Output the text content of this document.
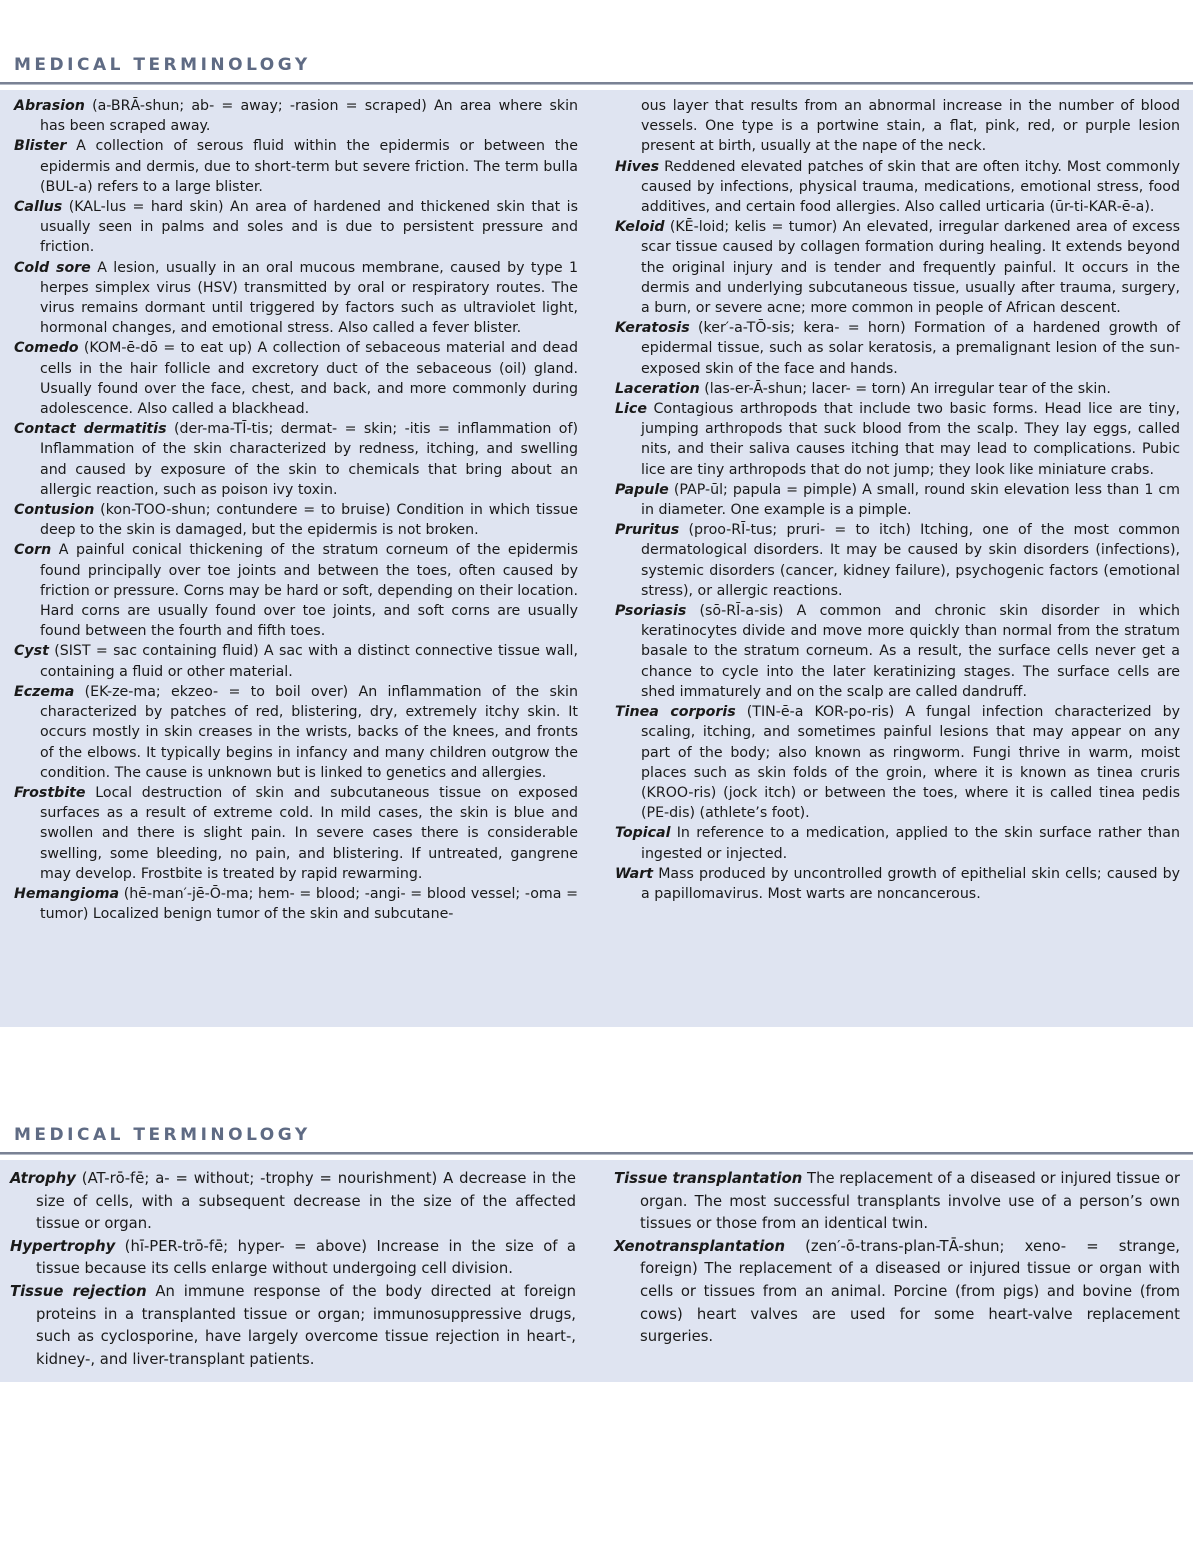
MEDICAL TERMINOLOGY

Abrasion (a-BRĀ-shun; ab- = away; -rasion = scraped) An area where skin has been scraped away.

Blister A collection of serous fluid within the epidermis or between the epidermis and dermis, due to short-term but severe friction. The term bulla (BUL-a) refers to a large blister.

Callus (KAL-lus = hard skin) An area of hardened and thickened skin that is usually seen in palms and soles and is due to persistent pressure and friction.

Cold sore A lesion, usually in an oral mucous membrane, caused by type 1 herpes simplex virus (HSV) transmitted by oral or respiratory routes. The virus remains dormant until triggered by factors such as ultraviolet light, hormonal changes, and emotional stress. Also called a fever blister.

Comedo (KOM-ē-dō = to eat up) A collection of sebaceous material and dead cells in the hair follicle and excretory duct of the sebaceous (oil) gland. Usually found over the face, chest, and back, and more commonly during adolescence. Also called a blackhead.

Contact dermatitis (der-ma-TĪ-tis; dermat- = skin; -itis = inflammation of) Inflammation of the skin characterized by redness, itching, and swelling and caused by exposure of the skin to chemicals that bring about an allergic reaction, such as poison ivy toxin.

Contusion (kon-TOO-shun; contundere = to bruise) Condition in which tissue deep to the skin is damaged, but the epidermis is not broken.

Corn A painful conical thickening of the stratum corneum of the epidermis found principally over toe joints and between the toes, often caused by friction or pressure. Corns may be hard or soft, depending on their location. Hard corns are usually found over toe joints, and soft corns are usually found between the fourth and fifth toes.

Cyst (SIST = sac containing fluid) A sac with a distinct connective tissue wall, containing a fluid or other material.

Eczema (EK-ze-ma; ekzeo- = to boil over) An inflammation of the skin characterized by patches of red, blistering, dry, extremely itchy skin. It occurs mostly in skin creases in the wrists, backs of the knees, and fronts of the elbows. It typically begins in infancy and many children outgrow the condition. The cause is unknown but is linked to genetics and allergies.

Frostbite Local destruction of skin and subcutaneous tissue on exposed surfaces as a result of extreme cold. In mild cases, the skin is blue and swollen and there is slight pain. In severe cases there is considerable swelling, some bleeding, no pain, and blistering. If untreated, gangrene may develop. Frostbite is treated by rapid rewarming.

Hemangioma (hē-man′-jē-Ō-ma; hem- = blood; -angi- = blood vessel; -oma = tumor) Localized benign tumor of the skin and subcutane-

ous layer that results from an abnormal increase in the number of blood vessels. One type is a portwine stain, a flat, pink, red, or purple lesion present at birth, usually at the nape of the neck.

Hives Reddened elevated patches of skin that are often itchy. Most commonly caused by infections, physical trauma, medications, emotional stress, food additives, and certain food allergies. Also called urticaria (ūr-ti-KAR-ē-a).

Keloid (KĒ-loid; kelis = tumor) An elevated, irregular darkened area of excess scar tissue caused by collagen formation during healing. It extends beyond the original injury and is tender and frequently painful. It occurs in the dermis and underlying subcutaneous tissue, usually after trauma, surgery, a burn, or severe acne; more common in people of African descent.

Keratosis (ker′-a-TŌ-sis; kera- = horn) Formation of a hardened growth of epidermal tissue, such as solar keratosis, a premalignant lesion of the sun-exposed skin of the face and hands.

Laceration (las-er-Ā-shun; lacer- = torn) An irregular tear of the skin.

Lice Contagious arthropods that include two basic forms. Head lice are tiny, jumping arthropods that suck blood from the scalp. They lay eggs, called nits, and their saliva causes itching that may lead to complications. Pubic lice are tiny arthropods that do not jump; they look like miniature crabs.

Papule (PAP-ūl; papula = pimple) A small, round skin elevation less than 1 cm in diameter. One example is a pimple.

Pruritus (proo-RĪ-tus; pruri- = to itch) Itching, one of the most common dermatological disorders. It may be caused by skin disorders (infections), systemic disorders (cancer, kidney failure), psychogenic factors (emotional stress), or allergic reactions.

Psoriasis (sō-RĪ-a-sis) A common and chronic skin disorder in which keratinocytes divide and move more quickly than normal from the stratum basale to the stratum corneum. As a result, the surface cells never get a chance to cycle into the later keratinizing stages. The surface cells are shed immaturely and on the scalp are called dandruff.

Tinea corporis (TIN-ē-a KOR-po-ris) A fungal infection characterized by scaling, itching, and sometimes painful lesions that may appear on any part of the body; also known as ringworm. Fungi thrive in warm, moist places such as skin folds of the groin, where it is known as tinea cruris (KROO-ris) (jock itch) or between the toes, where it is called tinea pedis (PE-dis) (athlete’s foot).

Topical In reference to a medication, applied to the skin surface rather than ingested or injected.

Wart Mass produced by uncontrolled growth of epithelial skin cells; caused by a papillomavirus. Most warts are noncancerous.

MEDICAL TERMINOLOGY

Atrophy (AT-rō-fē; a- = without; -trophy = nourishment) A decrease in the size of cells, with a subsequent decrease in the size of the affected tissue or organ.

Hypertrophy (hī-PER-trō-fē; hyper- = above) Increase in the size of a tissue because its cells enlarge without undergoing cell division.

Tissue rejection An immune response of the body directed at foreign proteins in a transplanted tissue or organ; immunosuppressive drugs, such as cyclosporine, have largely overcome tissue rejection in heart-, kidney-, and liver-transplant patients.

Tissue transplantation The replacement of a diseased or injured tissue or organ. The most successful transplants involve use of a person’s own tissues or those from an identical twin.

Xenotransplantation (zen′-ō-trans-plan-TĀ-shun; xeno- = strange, foreign) The replacement of a diseased or injured tissue or organ with cells or tissues from an animal. Porcine (from pigs) and bovine (from cows) heart valves are used for some heart-valve replacement surgeries.
